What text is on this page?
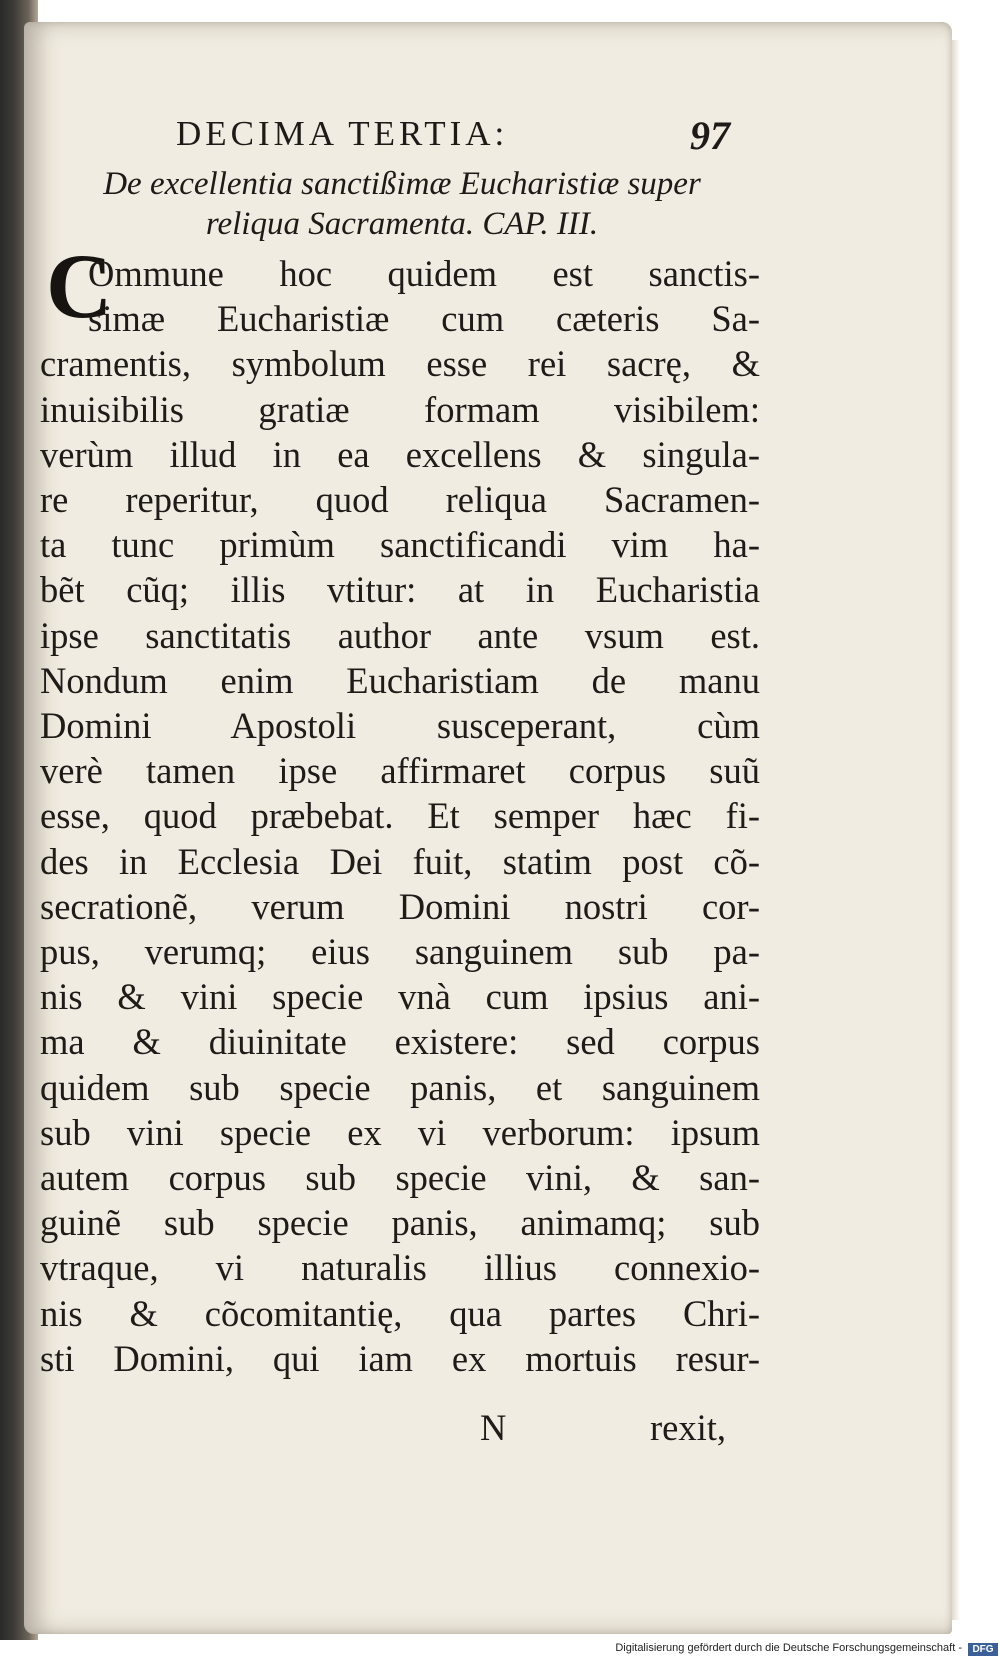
DECIMA TERTIA:	97
De excellentia sanctißimæ Eucharistiæ super
reliqua Sacramenta. CAP. III.
C
Ommune hoc quidem est sanctis-
simæ Eucharistiæ cum cæteris Sa-
cramentis, symbolum esse rei sacrę, &
inuisibilis gratiæ formam visibilem:
verùm illud in ea excellens & singula-
re reperitur, quod reliqua Sacramen-
ta tunc primùm sanctificandi vim ha-
bẽt cũq; illis vtitur: at in Eucharistia
ipse sanctitatis author ante vsum est.
Nondum enim Eucharistiam de manu
Domini Apostoli susceperant, cùm
verè tamen ipse affirmaret corpus suũ
esse, quod præbebat. Et semper hæc fi-
des in Ecclesia Dei fuit, statim post cõ-
secrationẽ, verum Domini nostri cor-
pus, verumq; eius sanguinem sub pa-
nis & vini specie vnà cum ipsius ani-
ma & diuinitate existere: sed corpus
quidem sub specie panis, et sanguinem
sub vini specie ex vi verborum: ipsum
autem corpus sub specie vini, & san-
guinẽ sub specie panis, animamq; sub
vtraque, vi naturalis illius connexio-
nis & cõcomitantię, qua partes Chri-
sti Domini, qui iam ex mortuis resur-
N	rexit,
Digitalisierung gefördert durch die Deutsche Forschungsgemeinschaft -	DFG
